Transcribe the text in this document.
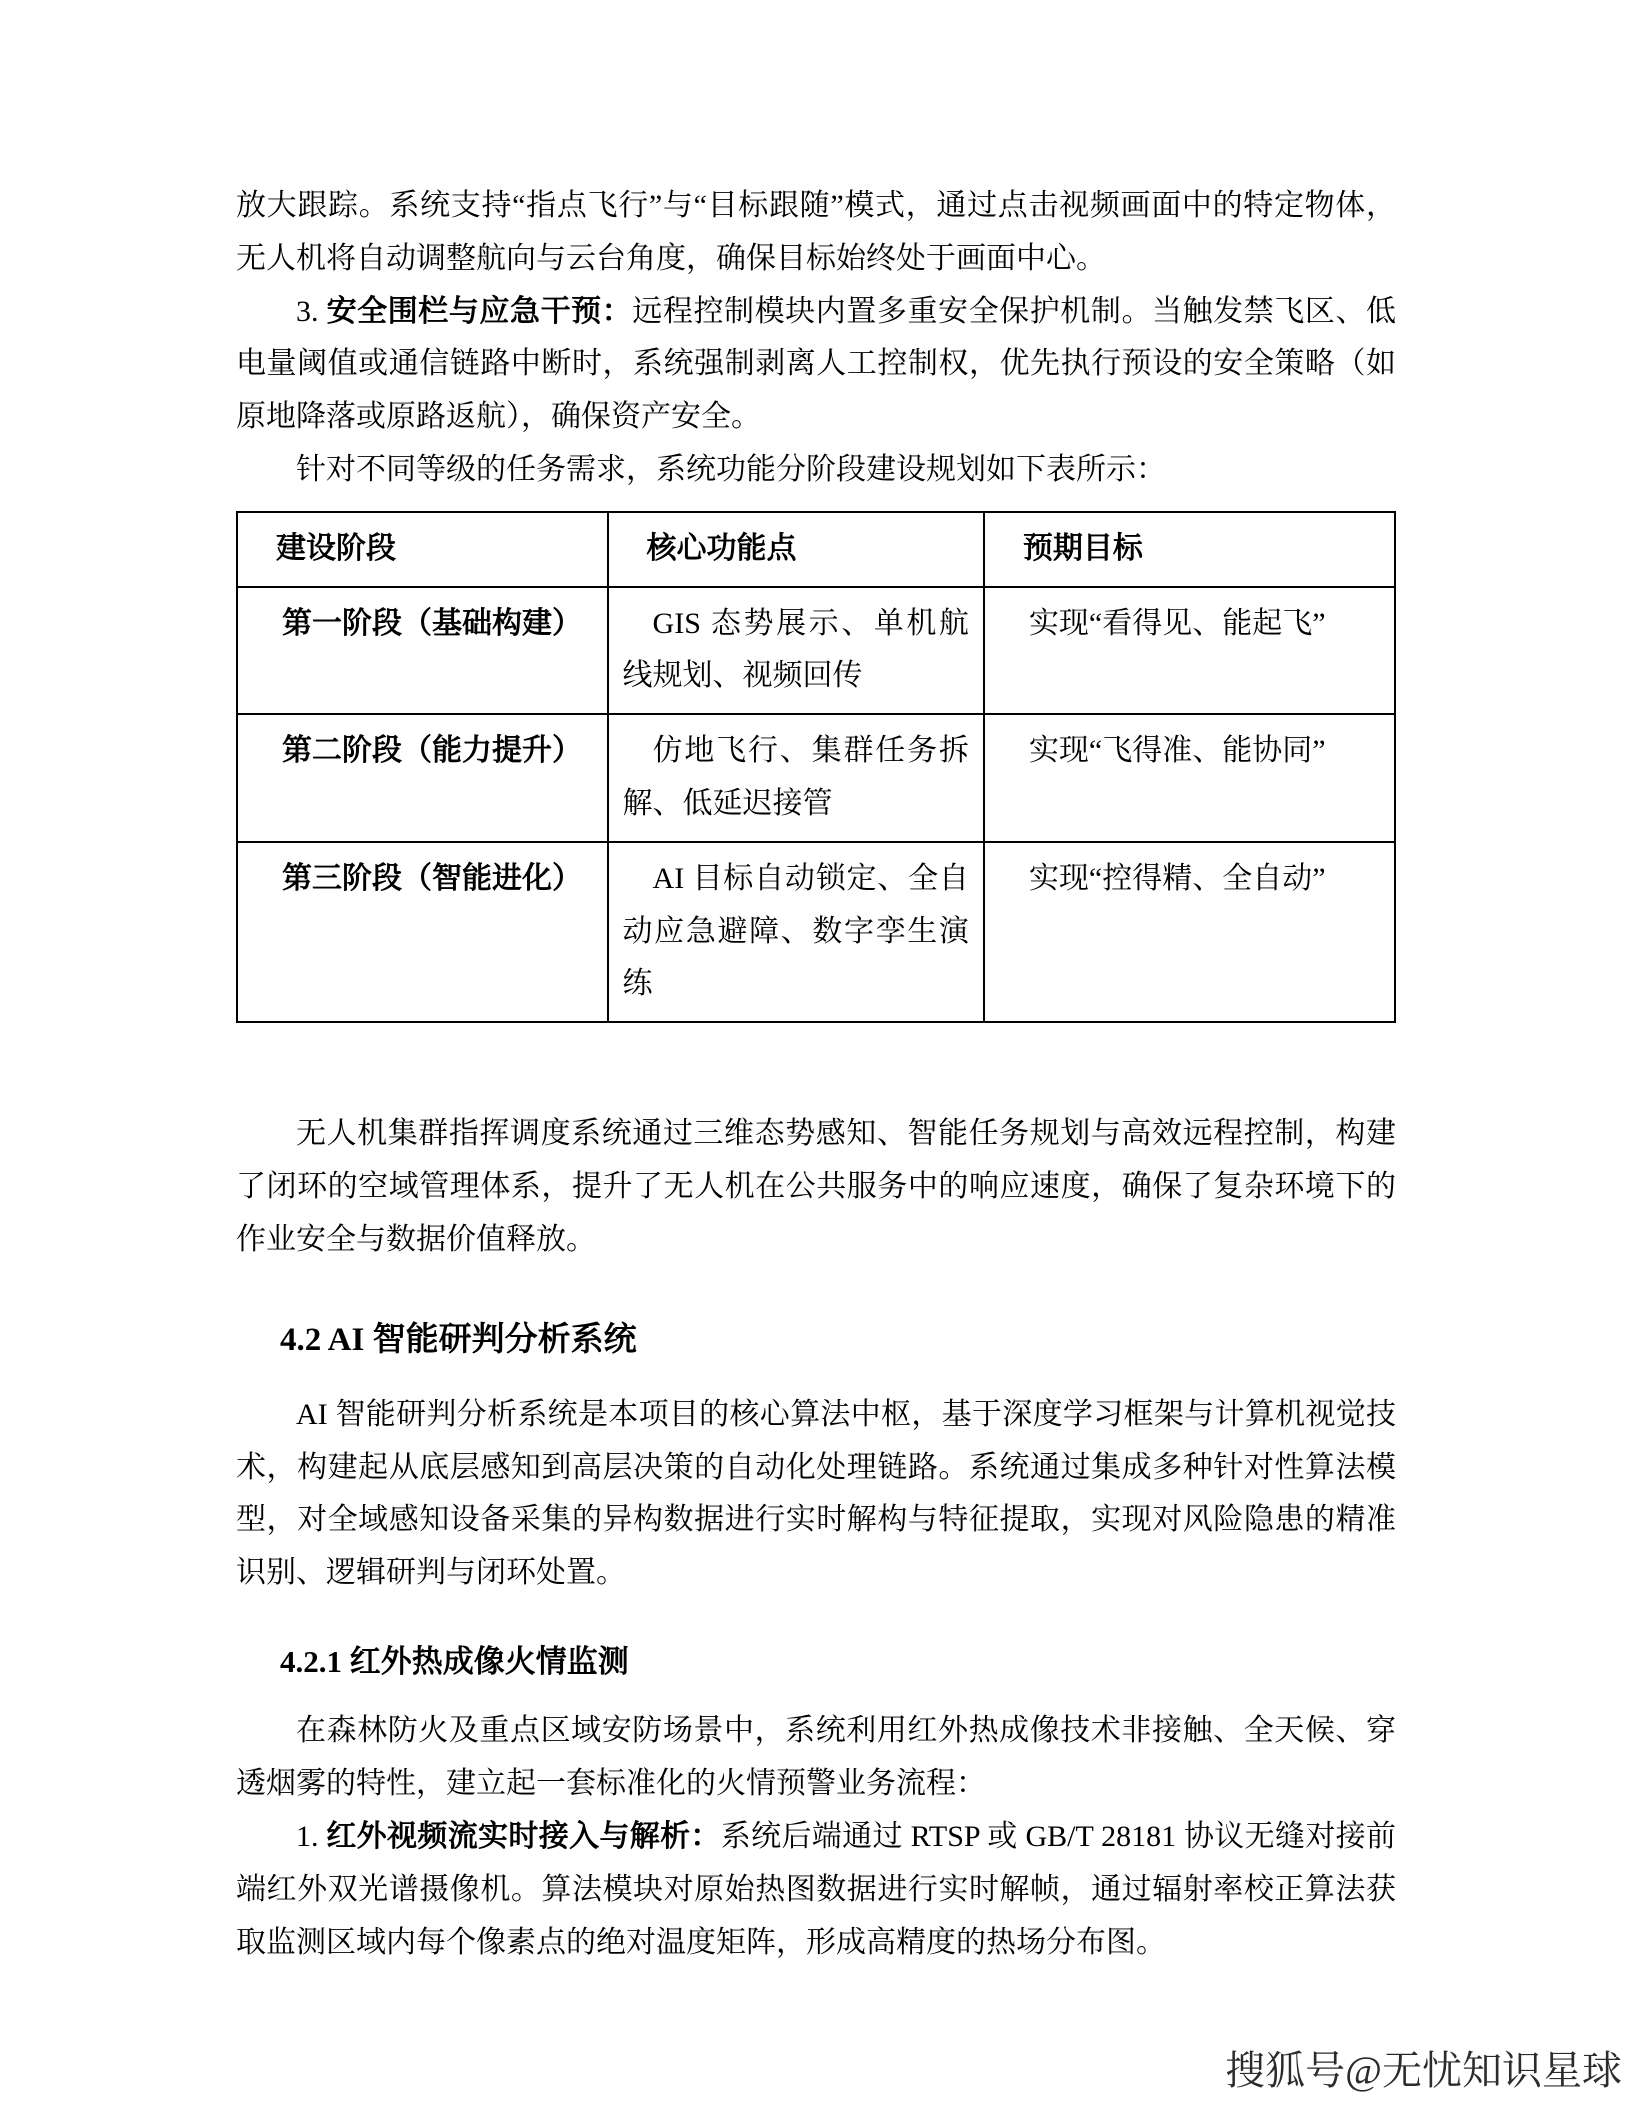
放大跟踪。系统支持“指点飞行”与“目标跟随”模式，通过点击视频画面中的特定物体，无人机将自动调整航向与云台角度，确保目标始终处于画面中心。

3. 安全围栏与应急干预：远程控制模块内置多重安全保护机制。当触发禁飞区、低电量阈值或通信链路中断时，系统强制剥离人工控制权，优先执行预设的安全策略（如原地降落或原路返航），确保资产安全。

针对不同等级的任务需求，系统功能分阶段建设规划如下表所示：

建设阶段	核心功能点	预期目标

第一阶段（基础构建）	GIS 态势展示、单机航线规划、视频回传	实现“看得见、能起飞”

第二阶段（能力提升）	仿地飞行、集群任务拆解、低延迟接管	实现“飞得准、能协同”

第三阶段（智能进化）	AI 目标自动锁定、全自动应急避障、数字孪生演练	实现“控得精、全自动”

无人机集群指挥调度系统通过三维态势感知、智能任务规划与高效远程控制，构建了闭环的空域管理体系，提升了无人机在公共服务中的响应速度，确保了复杂环境下的作业安全与数据价值释放。

4.2 AI 智能研判分析系统

AI 智能研判分析系统是本项目的核心算法中枢，基于深度学习框架与计算机视觉技术，构建起从底层感知到高层决策的自动化处理链路。系统通过集成多种针对性算法模型，对全域感知设备采集的异构数据进行实时解构与特征提取，实现对风险隐患的精准识别、逻辑研判与闭环处置。

4.2.1 红外热成像火情监测

在森林防火及重点区域安防场景中，系统利用红外热成像技术非接触、全天候、穿透烟雾的特性，建立起一套标准化的火情预警业务流程：

1. 红外视频流实时接入与解析：系统后端通过 RTSP 或 GB/T 28181 协议无缝对接前端红外双光谱摄像机。算法模块对原始热图数据进行实时解帧，通过辐射率校正算法获取监测区域内每个像素点的绝对温度矩阵，形成高精度的热场分布图。

搜狐号@无忧知识星球
